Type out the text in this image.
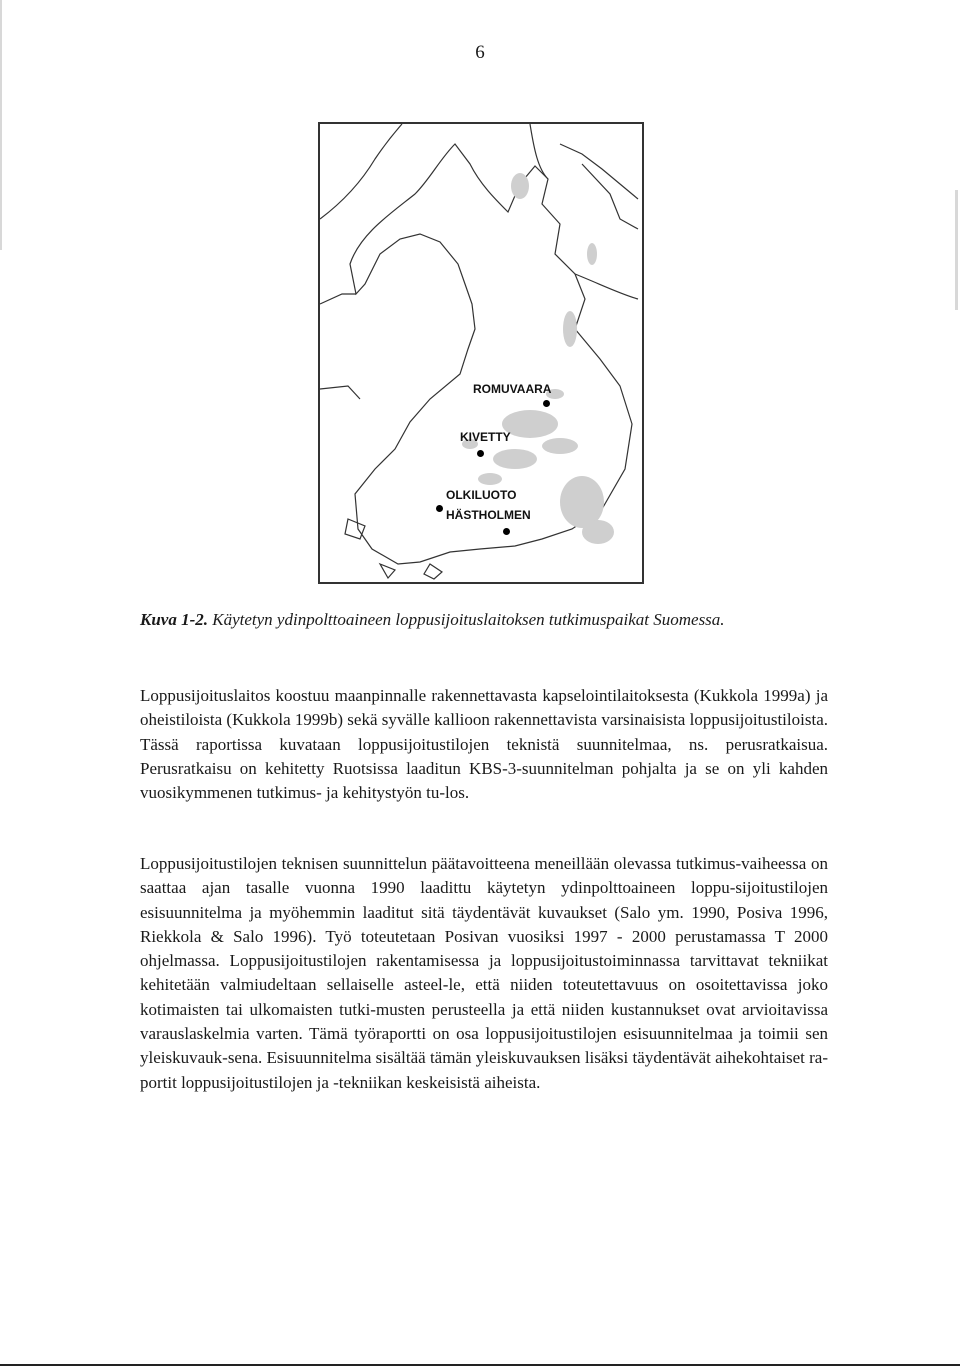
6
ROMUVAARA
KIVETTY
OLKILUOTO
HÄSTHOLMEN
Kuva 1-2. Käytetyn ydinpolttoaineen loppusijoituslaitoksen tutkimuspaikat Suomessa.

Loppusijoituslaitos koostuu maanpinnalle rakennettavasta kapselointilaitoksesta (Kukkola 1999a) ja oheistiloista (Kukkola 1999b) sekä syvälle kallioon rakennettavista varsinaisista loppusijoitustiloista. Tässä raportissa kuvataan loppusijoitustilojen teknistä suunnitelmaa, ns. perusratkaisua. Perusratkaisu on kehitetty Ruotsissa laaditun KBS-3-suunnitelman pohjalta ja se on yli kahden vuosikymmenen tutkimus- ja kehitystyön tu-los.

Loppusijoitustilojen teknisen suunnittelun päätavoitteena meneillään olevassa tutkimus-vaiheessa on saattaa ajan tasalle vuonna 1990 laadittu käytetyn ydinpolttoaineen loppu-sijoitustilojen esisuunnitelma ja myöhemmin laaditut sitä täydentävät kuvaukset (Salo ym. 1990, Posiva 1996, Riekkola & Salo 1996). Työ toteutetaan Posivan vuosiksi 1997 - 2000 perustamassa T 2000 ohjelmassa. Loppusijoitustilojen rakentamisessa ja loppusijoitustoiminnassa tarvittavat tekniikat kehitetään valmiudeltaan sellaiselle asteel-le, että niiden toteutettavuus on osoitettavissa joko kotimaisten tai ulkomaisten tutki-musten perusteella ja että niiden kustannukset ovat arvioitavissa varauslaskelmia varten. Tämä työraportti on osa loppusijoitustilojen esisuunnitelmaa ja toimii sen yleiskuvauk-sena. Esisuunnitelma sisältää tämän yleiskuvauksen lisäksi täydentävät aihekohtaiset ra-portit loppusijoitustilojen ja -tekniikan keskeisistä aiheista.
